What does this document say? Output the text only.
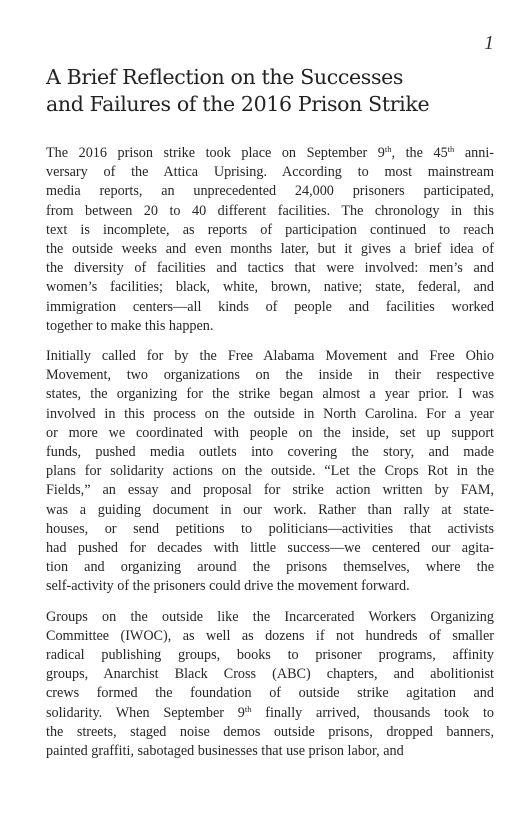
1
A Brief Reflection on the Successes
and Failures of the 2016 Prison Strike

The 2016 prison strike took place on September 9th, the 45th anni-
versary of the Attica Uprising. According to most mainstream
media reports, an unprecedented 24,000 prisoners participated,
from between 20 to 40 different facilities. The chronology in this
text is incomplete, as reports of participation continued to reach
the outside weeks and even months later, but it gives a brief idea of
the diversity of facilities and tactics that were involved: men’s and
women’s facilities; black, white, brown, native; state, federal, and
immigration centers—all kinds of people and facilities worked
together to make this happen.

Initially called for by the Free Alabama Movement and Free Ohio
Movement, two organizations on the inside in their respective
states, the organizing for the strike began almost a year prior. I was
involved in this process on the outside in North Carolina. For a year
or more we coordinated with people on the inside, set up support
funds, pushed media outlets into covering the story, and made
plans for solidarity actions on the outside. “Let the Crops Rot in the
Fields,” an essay and proposal for strike action written by FAM,
was a guiding document in our work. Rather than rally at state-
houses, or send petitions to politicians—activities that activists
had pushed for decades with little success—we centered our agita-
tion and organizing around the prisons themselves, where the
self-activity of the prisoners could drive the movement forward.

Groups on the outside like the Incarcerated Workers Organizing
Committee (IWOC), as well as dozens if not hundreds of smaller
radical publishing groups, books to prisoner programs, affinity
groups, Anarchist Black Cross (ABC) chapters, and abolitionist
crews formed the foundation of outside strike agitation and
solidarity. When September 9th finally arrived, thousands took to
the streets, staged noise demos outside prisons, dropped banners,
painted graffiti, sabotaged businesses that use prison labor, and
